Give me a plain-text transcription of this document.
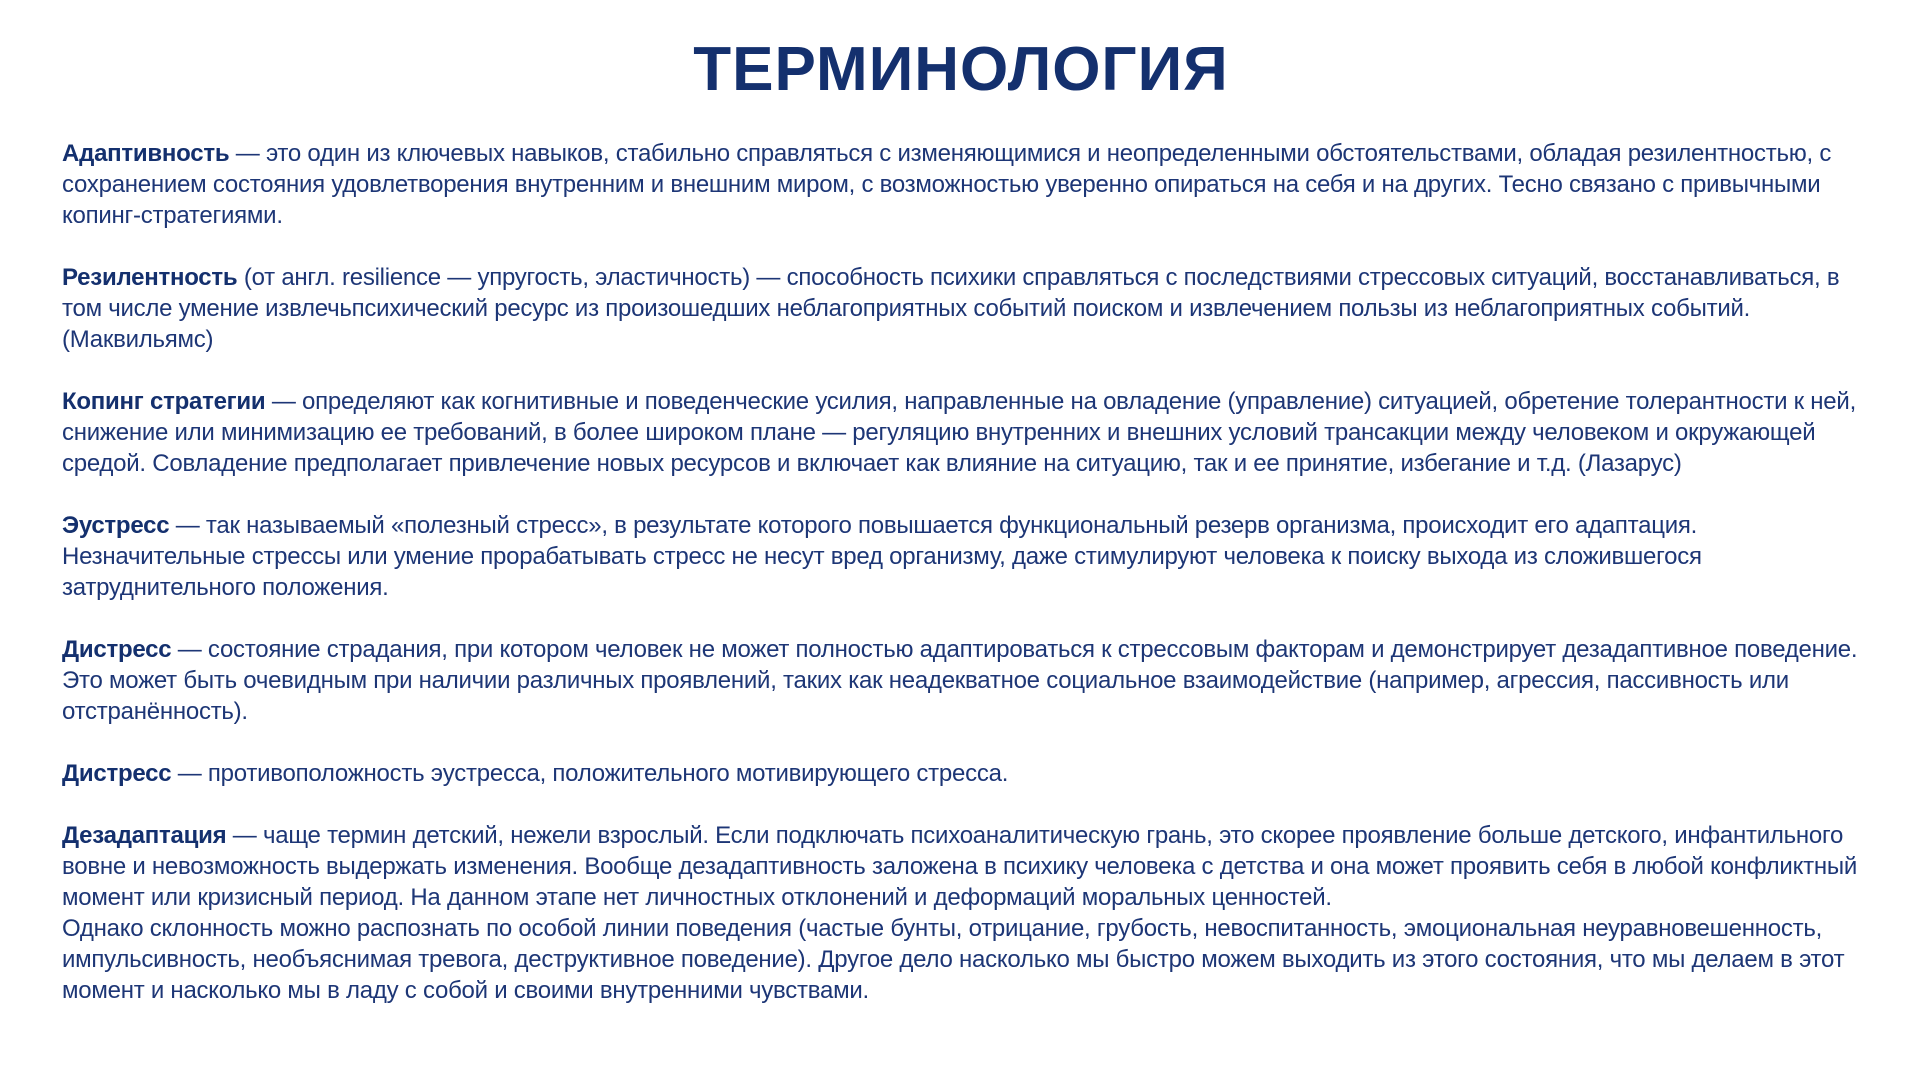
ТЕРМИНОЛОГИЯ

Адаптивность — это один из ключевых навыков, стабильно справляться с изменяющимися и неопределенными обстоятельствами, обладая резилентностью, с сохранением состояния удовлетворения внутренним и внешним миром, с возможностью уверенно опираться на себя и на других. Тесно связано с привычными копинг-стратегиями.

Резилентность (от англ. resilience — упругость, эластичность) — способность психики справляться с последствиями стрессовых ситуаций, восстанавливаться, в том числе умение извлечьпсихический ресурс из произошедших неблагоприятных событий поиском и извлечением пользы из неблагоприятных событий. (Маквильямс)

Копинг стратегии — определяют как когнитивные и поведенческие усилия, направленные на овладение (управление) ситуацией, обретение толерантности к ней, снижение или минимизацию ее требований, в более широком плане — регуляцию внутренних и внешних условий трансакции между человеком и окружающей средой. Совладение предполагает привлечение новых ресурсов и включает как влияние на ситуацию, так и ее принятие, избегание и т.д. (Лазарус)

Эустресс — так называемый «полезный стресс», в результате которого повышается функциональный резерв организма, происходит его адаптация. Незначительные стрессы или умение прорабатывать стресс не несут вред организму, даже стимулируют человека к поиску выхода из сложившегося затруднительного положения.

Дистресс — состояние страдания, при котором человек не может полностью адаптироваться к стрессовым факторам и демонстрирует дезадаптивное поведение. Это может быть очевидным при наличии различных проявлений, таких как неадекватное социальное взаимодействие (например, агрессия, пассивность или отстранённость).

Дистресс — противоположность эустресса, положительного мотивирующего стресса.

Дезадаптация — чаще термин детский, нежели взрослый. Если подключать психоаналитическую грань, это скорее проявление больше детского, инфантильного вовне и невозможность выдержать изменения. Вообще дезадаптивность заложена в психику человека с детства и она может проявить себя в любой конфликтный момент или кризисный период. На данном этапе нет личностных отклонений и деформаций моральных ценностей.
Однако склонность можно распознать по особой линии поведения (частые бунты, отрицание, грубость, невоспитанность, эмоциональная неуравновешенность, импульсивность, необъяснимая тревога, деструктивное поведение). Другое дело насколько мы быстро можем выходить из этого состояния, что мы делаем в этот момент и насколько мы в ладу с собой и своими внутренними чувствами.
